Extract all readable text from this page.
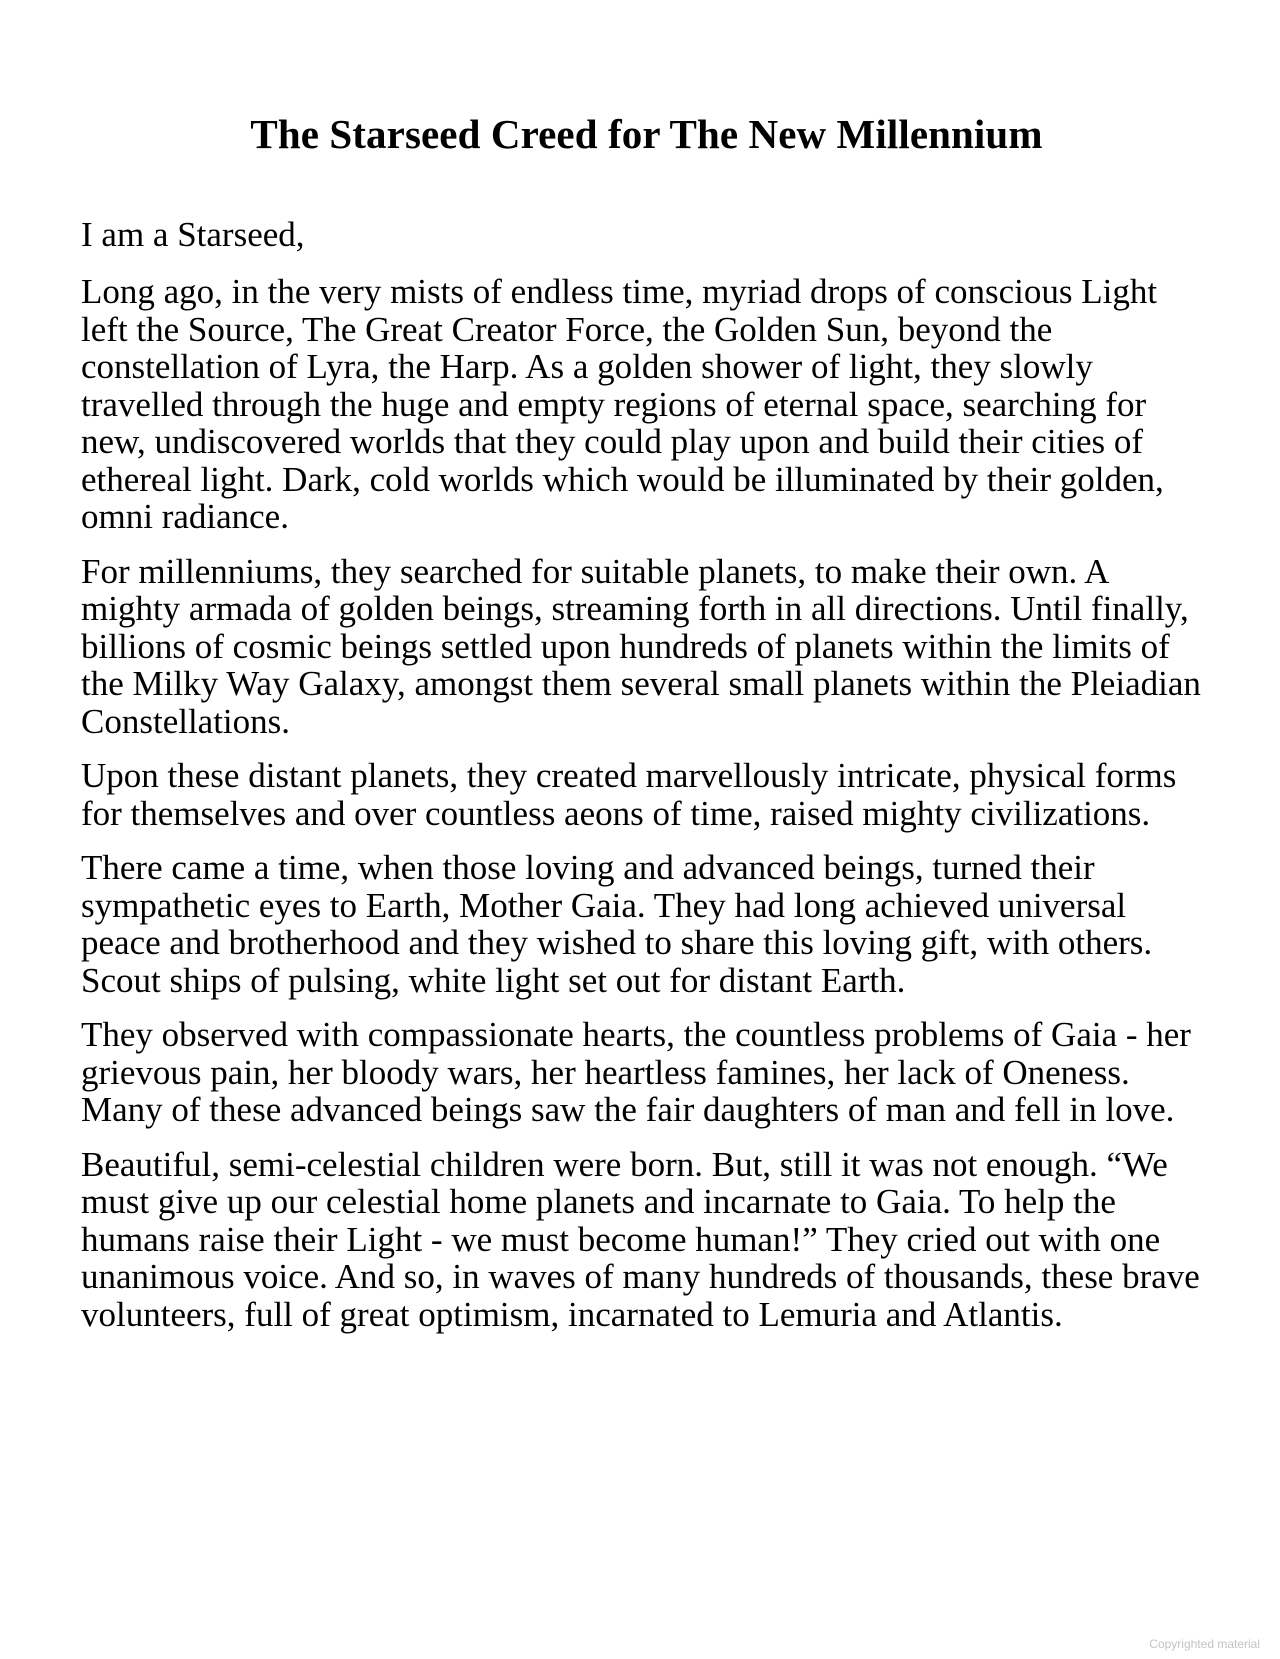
The Starseed Creed for The New Millennium

I am a Starseed,

Long ago, in the very mists of endless time, myriad drops of conscious Light left the Source, The Great Creator Force, the Golden Sun, beyond the constellation of Lyra, the Harp. As a golden shower of light, they slowly travelled through the huge and empty regions of eternal space, searching for new, undiscovered worlds that they could play upon and build their cities of ethereal light. Dark, cold worlds which would be illuminated by their golden, omni radiance.

For millenniums, they searched for suitable planets, to make their own. A mighty armada of golden beings, streaming forth in all directions. Until finally, billions of cosmic beings settled upon hundreds of planets within the limits of the Milky Way Galaxy, amongst them several small planets within the Pleiadian Constellations.

Upon these distant planets, they created marvellously intricate, physical forms for themselves and over countless aeons of time, raised mighty civilizations.

There came a time, when those loving and advanced beings, turned their sympathetic eyes to Earth, Mother Gaia. They had long achieved universal peace and brotherhood and they wished to share this loving gift, with others. Scout ships of pulsing, white light set out for distant Earth.

They observed with compassionate hearts, the countless problems of Gaia - her grievous pain, her bloody wars, her heartless famines, her lack of Oneness. Many of these advanced beings saw the fair daughters of man and fell in love.

Beautiful, semi-celestial children were born. But, still it was not enough. “We must give up our celestial home planets and incarnate to Gaia. To help the humans raise their Light - we must become human!” They cried out with one unanimous voice. And so, in waves of many hundreds of thousands, these brave volunteers, full of great optimism, incarnated to Lemuria and Atlantis.

Copyrighted material
